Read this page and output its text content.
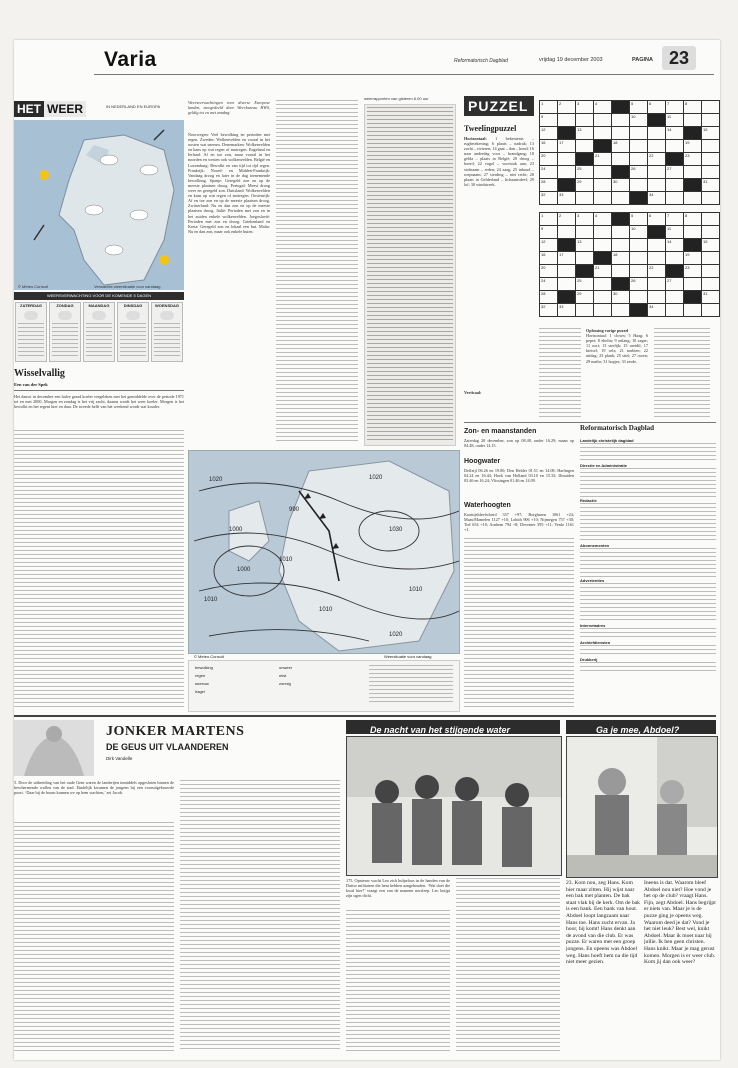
Varia	Reformatorisch Dagblad	vrijdag 19 december 2003	PAGINA 23
HET WEER	IN NEDERLAND EN EUROPA
© Meteo Consult	Verwachte weersituatie voor vandaag
WEERSVERWACHTING VOOR DE KOMENDE 5 DAGEN
ZATERDAG	ZONDAG	MAANDAG	DINSDAG	WOENSDAG
Weersverwachtingen voor diverse Europese landen, meegedeeld door Weerbureau HWS, geldig tot en met zondag:
Noorwegen: Veel bewolking en perioden met regen. Zweden: Wolkenvelden en vooral in het oosten wat sneeuw. Denemarken: Wolkenvelden en kans op wat regen of motregen. Engeland en Ierland: Af en toe zon, maar vooral in het noorden en westen ook wolkenvelden. België en Luxemburg: Bewolkt en van tijd tot tijd regen. Frankrijk: Noord- en Midden-Frankrijk: Vandaag droog en later in de dag toenemende bewolking. Spanje: Geregeld zon en op de meeste plaatsen droog. Portugal: Meest droog weer en geregeld zon. Duitsland: Wolkenvelden en kans op wat regen of motregen. Oostenrijk: Af en toe zon en op de meeste plaatsen droog. Zwitserland: Nu en dan zon en op de meeste plaatsen droog. Italië: Perioden met zon en in het zuiden enkele wolkenvelden. Joegoslavië: Perioden met zon en droog. Griekenland en Kreta: Geregeld zon en lokaal een bui. Malta: Nu en dan zon, maar ook enkele buien.
weerrapporten van gisteren 6.00 uur
Wisselvallig
Een van der Spek
Het dauwt in december een halve graad koeler vergeleken met het gemiddelde over de periode 1971 tot en met 2000. Morgen en zondag is het vrij zacht, daarna wordt het weer koeler. Morgen is het bewolkt en het regent hier en daar. De tweede helft van het weekend wordt wat kouder.
1020
1000
990
1000
1010
1020
1030
1010
1010
1010
1020
© Meteo Consult	Weersituatie voor vandaag
bewolking
regen
sneeuw
hagel
onweer
mist
zonnig
PUZZEL
Tweelingpuzzel
Horizontaal: 1 bekentenis – rugbetekening; 6 plaats – nadruk; 13 zacht – rivieren; 14 gaat – dan – hond; 16 naar anderdag voor – brandgang; 18 gelda – plaats in België; 20 droog – boerd; 22 vogel – voorstuk aan; 23 stofnaam – reden; 24 zaag; 25 inhoud – roepnaam; 27 sierding – niet recht; 28 plaats in Gelderland – lichaamsdeel; 29 lof; 30 windstreek.
Verticaal:
1	2	3	4		5	6	7	8	
9					10		11		
12		13					14		15
16	17			18				19	
20			21			22		23	
24		25			26		27		
28		29		30					31
32	33					34			
1	2	3	4		5	6	7	8	
9					10		11		
12		13					14		15
16	17			18				19	
20			21			22		23	
24		25			26		27		
28		29		30					31
32	33					34			
Oplossing vorige puzzel
Horizontaal: 1 clown; 5 Haag; 6 pepet; 8 ebolin; 9 onlang; 10 zager; 11 oort; 13 sierlijk; 15 ureidil; 17 bietsel; 19 celz; 21 narbien; 22 uitdag; 23 plank; 25 stiel; 27 rozen; 29 mathr; 31 hopjes; 33 zesde.
Zon- en maanstanden
Zaterdag 20 december, zon op 08.48, onder 16.29; maan op 04.48, onder 14.15.
Hoogwater
Delfzijl 06.26 en 19.00; Den Helder 01.51 en 14.08; Harlingen 04.24 en 16.44; Hoek van Holland 03.10 en 15.33; IJmuiden 03.46 en 16.24; Vlissingen 01.46 en 14.09.
Waterhoogten
Kaatsijsbleefscheid 357 +97; Borgharen 1061 +24; Maas/Mamelen 1127 +10; Lobith 906 +10; Nijmegen 757 +30; Tiel 654 +10; Arnhem 794 +8; Deventer 395 +11; Venlo 1161 +1.
Reformatorisch Dagblad
Landelijk christelijk dagblad
Directie en Administratie
Redactie
Abonnementen
Advertenties
Internetadres
Archiefdiensten
Drukkerij
JONKER MARTENS
DE GEUS UIT VLAANDEREN
Dirk Vandelle
5. Door de uitbreiding van het oude Gent waren de landerijen inmiddels opgesloten binnen de beschermende wallen van de stad. Eindelijk kwamen de jongens bij een vooruitgebouwde poort. ‘Daar bij de boom kunnen we op hem wachten,’ zei Jacob.
De nacht van het stijgende water
175. Opnieuw wacht Leo zich hulpeloos in de handen van de Duitse militairen die hem hebben aangehouden. ‘Wat doet die kwal hier?’ vraagt een van de mannen norsleep. Leo knijpt zijn ogen dicht.
Ga je mee, Abdoel?
23. Kom nou, zeg Hans. Kom hier maar zitten. Hij wijst naar een bak met planten. De bak staat vlak bij de kerk. Om de bak is een bank. Een bank van hout. Abdoel loopt langzaam naar Hans toe. Hans zucht ervan. Ja hoor, hij komt! Hans denkt aan de avond van die club. Er was puzze. Er waren met een groep jongens. En opeens was Abdoel weg. Hans hoeft hem na die tijd niet meer gezien.
Ineens is dat. Waarom bleef Abdoel nou niet? Hoe vond je het op de club? vraagt Hans. Fijn, zegt Abdoel. Hans begrijpt er niets van. Maar je is de puzze ging je opeens weg. Waarom deed je dat? Vond je het niet leuk? Best wel, knikt Abdoel. Maar ik moet naar hij jullie. Ik ben geen christen. Hans knikt. Maar je mag gerust komen. Morgen is er weer club. Kom jij dan ook weer?
